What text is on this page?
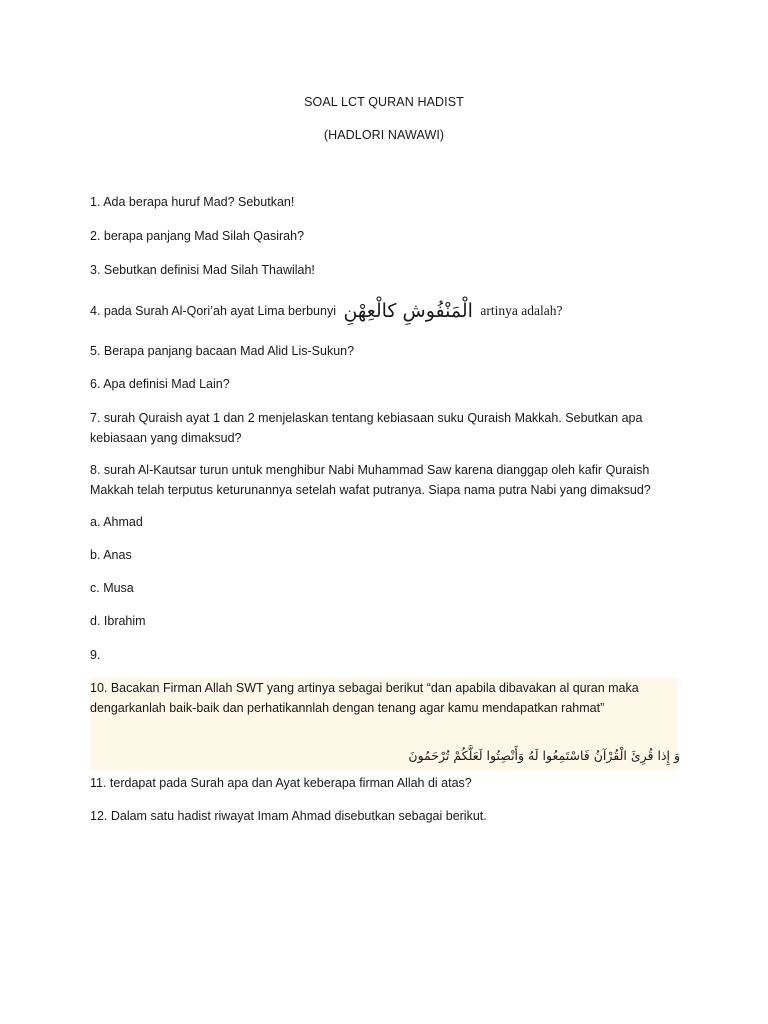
SOAL LCT QURAN HADIST
(HADLORI NAWAWI)
1. Ada berapa huruf Mad? Sebutkan!
2. berapa panjang Mad Silah Qasirah?
3. Sebutkan definisi Mad Silah Thawilah!
4. pada Surah Al-Qori’ah ayat Lima berbunyi الْمَنْفُوشِ كالْعِهْنِ artinya adalah?
5. Berapa panjang bacaan Mad Alid Lis-Sukun?
6. Apa definisi Mad Lain?
7. surah Quraish ayat 1 dan 2 menjelaskan tentang kebiasaan suku Quraish Makkah. Sebutkan apa kebiasaan yang dimaksud?
8. surah Al-Kautsar turun untuk menghibur Nabi Muhammad Saw karena dianggap oleh kafir Quraish Makkah telah terputus keturunannya setelah wafat putranya. Siapa nama putra Nabi yang dimaksud?
a. Ahmad
b. Anas
c. Musa
d. Ibrahim
9.
10. Bacakan Firman Allah SWT yang artinya sebagai berikut “dan apabila dibavakan al quran maka dengarkanlah baik-baik dan perhatikannlah dengan tenang agar kamu mendapatkan rahmat”
وَ إِذا قُرِئَ الْقُرْآنُ فَاسْتَمِعُوا لَهُ وَأَنْصِتُوا لَعَلَّكُمْ تُرْحَمُونَ
11. terdapat pada Surah apa dan Ayat keberapa firman Allah di atas?
12. Dalam satu hadist riwayat Imam Ahmad disebutkan sebagai berikut.
